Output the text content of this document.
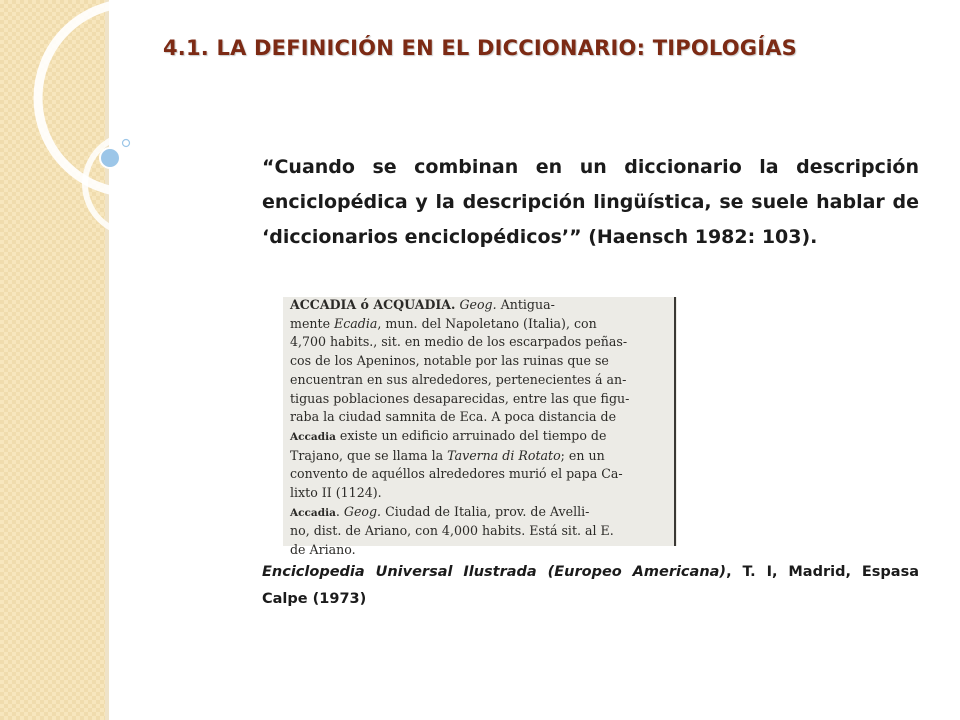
4.1. LA DEFINICIÓN EN EL DICCIONARIO: TIPOLOGÍAS

“Cuando se combinan en un diccionario la descripción enciclopédica y la descripción lingüística, se suele hablar de ‘diccionarios enciclopédicos’” (Haensch 1982: 103).

ACCADIA ó ACQUADIA. Geog. Antigua-
mente Ecadia, mun. del Napoletano (Italia), con
4,700 habits., sit. en medio de los escarpados peñas-
cos de los Apeninos, notable por las ruinas que se
encuentran en sus alrededores, pertenecientes á an-
tiguas poblaciones desaparecidas, entre las que figu-
raba la ciudad samnita de Eca. A poca distancia de
Accadia existe un edificio arruinado del tiempo de
Trajano, que se llama la Taverna di Rotato; en un
convento de aquéllos alrededores murió el papa Ca-
lixto II (1124).
Accadia. Geog. Ciudad de Italia, prov. de Avelli-
no, dist. de Ariano, con 4,000 habits. Está sit. al E.
de Ariano.

Enciclopedia Universal Ilustrada (Europeo Americana), T. I, Madrid, Espasa Calpe (1973)
